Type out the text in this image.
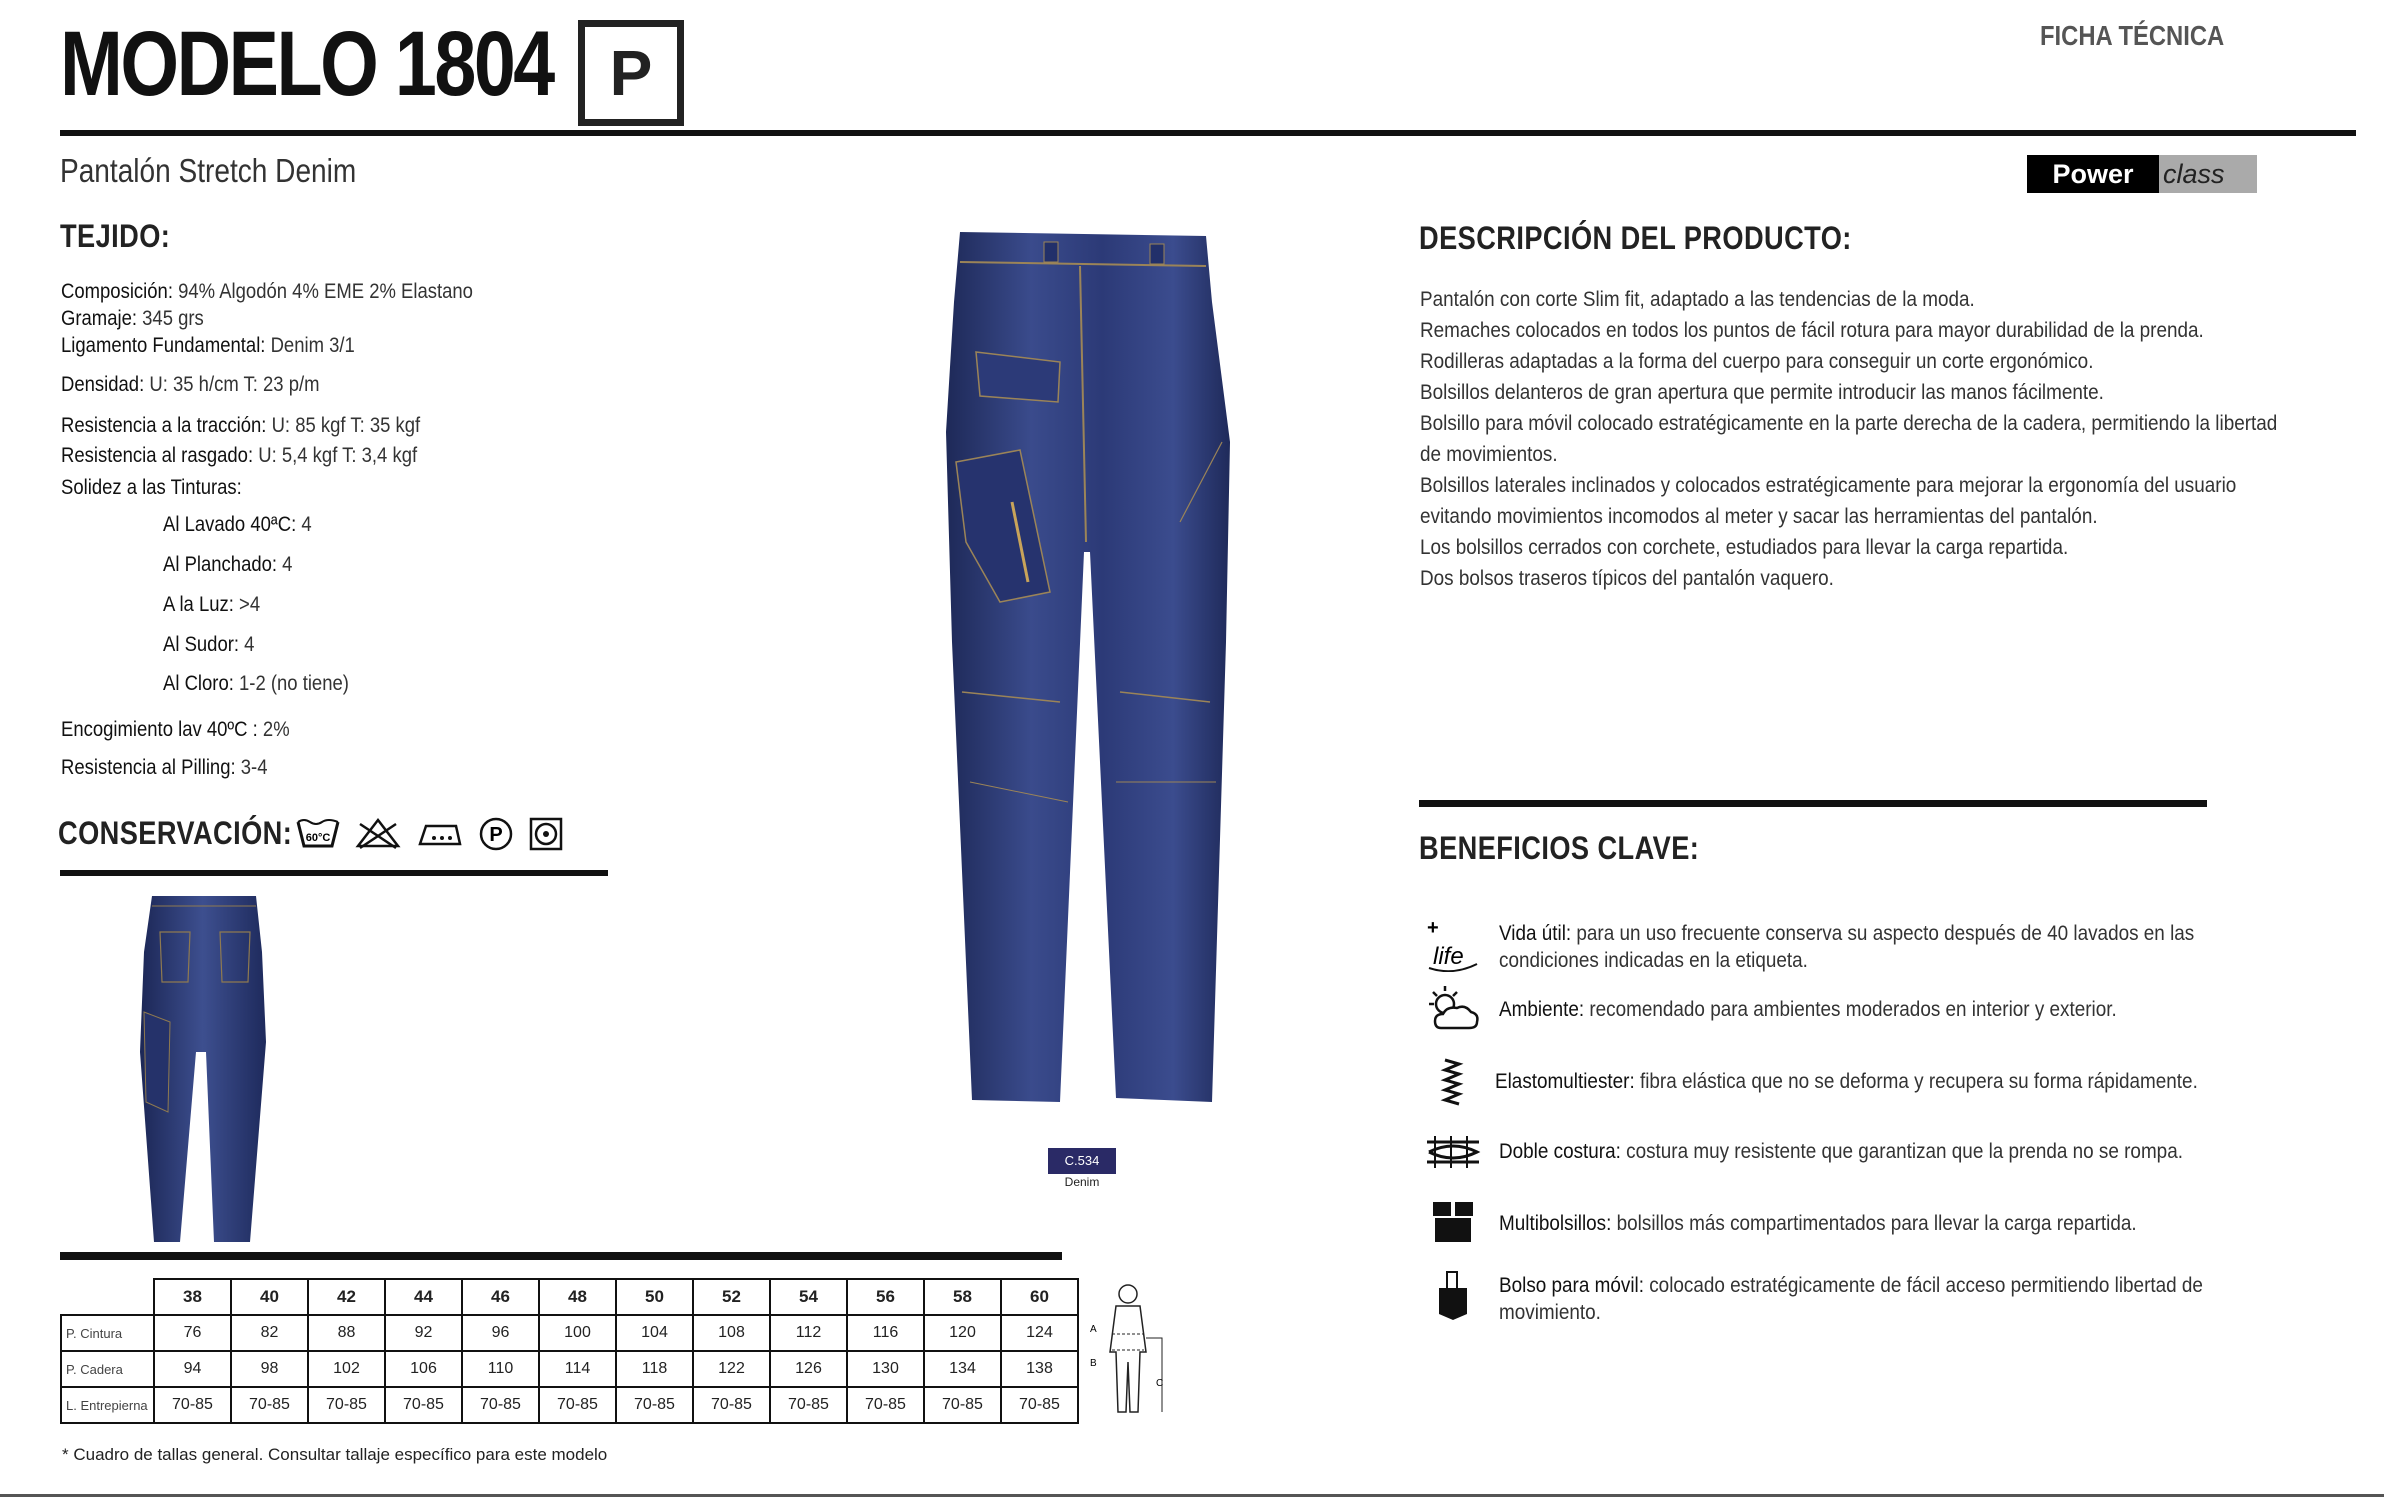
MODELO 1804 P
FICHA TÉCNICA
Pantalón Stretch Denim	Power	class
TEJIDO:
Composición: 94% Algodón 4% EME 2% Elastano
Gramaje: 345 grs
Ligamento Fundamental: Denim 3/1
Densidad: U: 35 h/cm T: 23 p/m
Resistencia a la tracción: U: 85 kgf T: 35 kgf
Resistencia al rasgado: U: 5,4 kgf T: 3,4 kgf
Solidez a las Tinturas:
Al Lavado 40ªC: 4
Al Planchado: 4
A la Luz: >4
Al Sudor: 4
Al Cloro: 1-2 (no tiene)
Encogimiento lav 40ºC : 2%
Resistencia al Pilling: 3-4
CONSERVACIÓN: 60°C	P
C.534
Denim
DESCRIPCIÓN DEL PRODUCTO:

Pantalón con corte Slim fit, adaptado a las tendencias de la moda.

Remaches colocados en todos los puntos de fácil rotura para mayor durabilidad de la prenda.

Rodilleras adaptadas a la forma del cuerpo para conseguir un corte ergonómico.

Bolsillos delanteros de gran apertura que permite introducir las manos fácilmente.

Bolsillo para móvil colocado estratégicamente en la parte derecha de la cadera, permitiendo la libertad

de movimientos.

Bolsillos laterales inclinados y colocados estratégicamente para mejorar la ergonomía del usuario

evitando movimientos incomodos al meter y sacar las herramientas del pantalón.

Los bolsillos cerrados con corchete, estudiados para llevar la carga repartida.

Dos bolsos traseros típicos del pantalón vaquero.

BENEFICIOS CLAVE:
+
life
Vida útil: para un uso frecuente conserva su aspecto después de 40 lavados en las condiciones indicadas en la etiqueta.
Ambiente: recomendado para ambientes moderados en interior y exterior.
Elastomultiester: fibra elástica que no se deforma y recupera su forma rápidamente.
Doble costura: costura muy resistente que garantizan que la prenda no se rompa.
Multibolsillos: bolsillos más compartimentados para llevar la carga repartida.
Bolso para móvil: colocado estratégicamente de fácil acceso permitiendo libertad de movimiento.
	38	40	42	44	46	48	50	52	54	56	58	60
P. Cintura	76	82	88	92	96	100	104	108	112	116	120	124
P. Cadera	94	98	102	106	110	114	118	122	126	130	134	138
L. Entrepierna	70-85	70-85	70-85	70-85	70-85	70-85	70-85	70-85	70-85	70-85	70-85	70-85
A
B
C
* Cuadro de tallas general. Consultar tallaje específico para este modelo
